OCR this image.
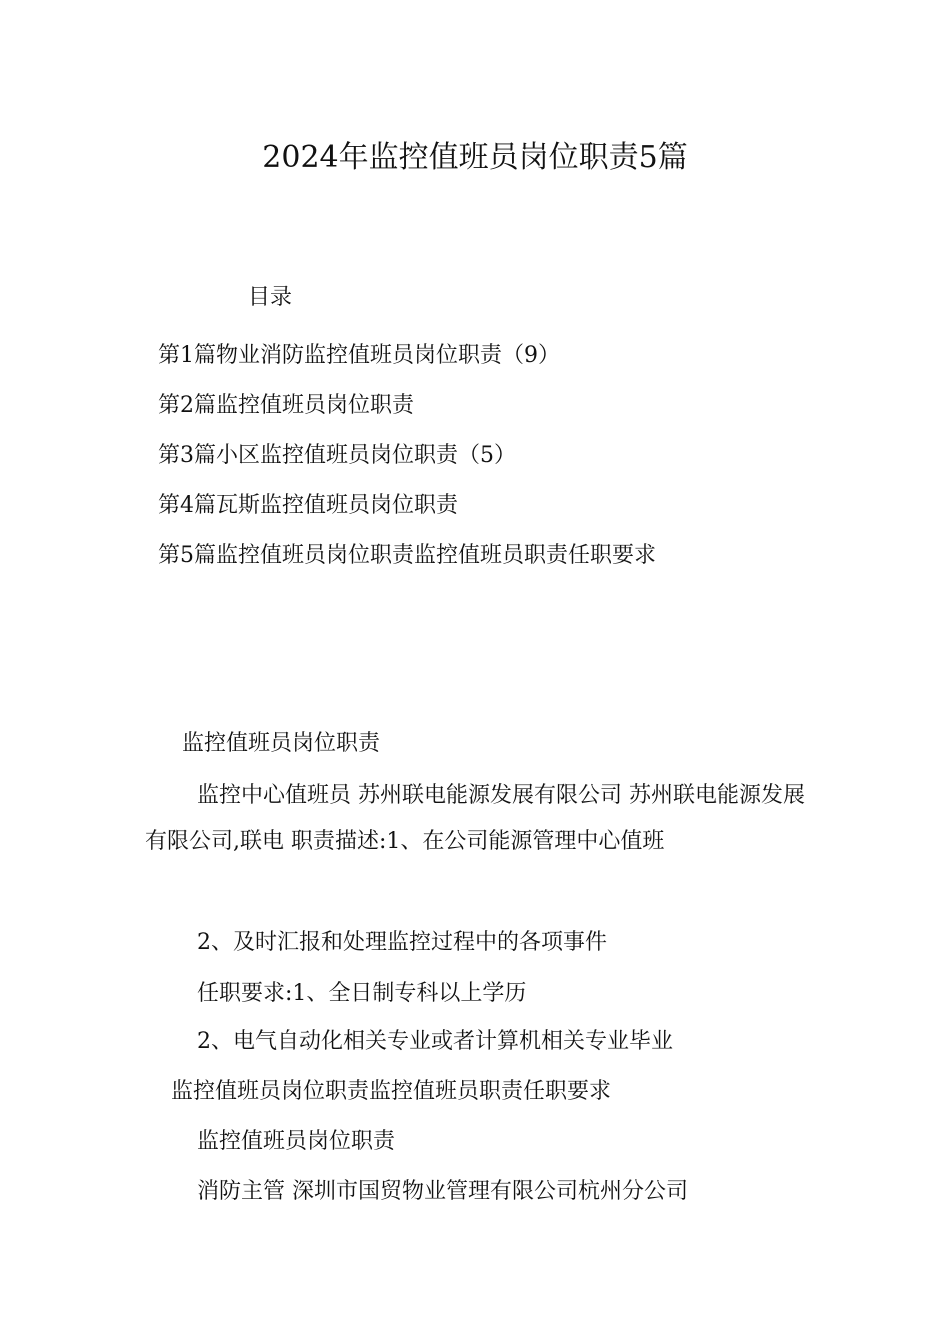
2024年监控值班员岗位职责5篇
目录
第1篇物业消防监控值班员岗位职责（9）
第2篇监控值班员岗位职责
第3篇小区监控值班员岗位职责（5）
第4篇瓦斯监控值班员岗位职责
第5篇监控值班员岗位职责监控值班员职责任职要求
监控值班员岗位职责
监控中心值班员 苏州联电能源发展有限公司 苏州联电能源发展有限公司,联电 职责描述:1、在公司能源管理中心值班
2、及时汇报和处理监控过程中的各项事件
任职要求:1、全日制专科以上学历
2、电气自动化相关专业或者计算机相关专业毕业
监控值班员岗位职责监控值班员职责任职要求
监控值班员岗位职责
消防主管 深圳市国贸物业管理有限公司杭州分公司
